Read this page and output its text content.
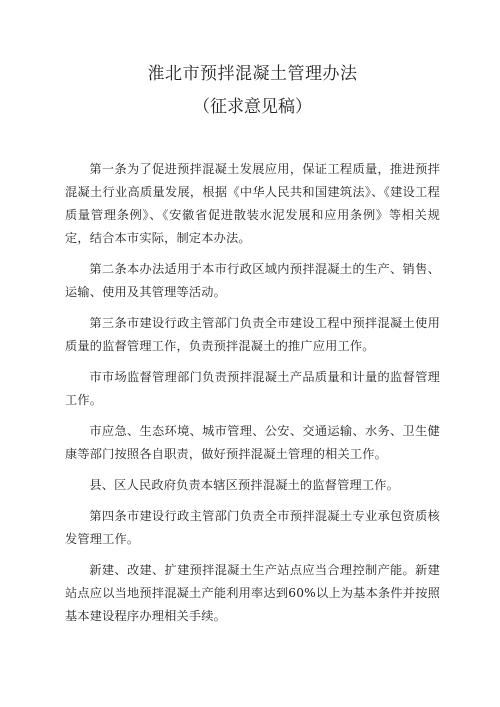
淮北市预拌混凝土管理办法
（征求意见稿）

第一条为了促进预拌混凝土发展应用，保证工程质量，推进预拌混凝土行业高质量发展，根据《中华人民共和国建筑法》、《建设工程质量管理条例》、《安徽省促进散装水泥发展和应用条例》等相关规定，结合本市实际，制定本办法。

第二条本办法适用于本市行政区域内预拌混凝土的生产、销售、运输、使用及其管理等活动。

第三条市建设行政主管部门负责全市建设工程中预拌混凝土使用质量的监督管理工作，负责预拌混凝土的推广应用工作。

市市场监督管理部门负责预拌混凝土产品质量和计量的监督管理工作。

市应急、生态环境、城市管理、公安、交通运输、水务、卫生健康等部门按照各自职责，做好预拌混凝土管理的相关工作。

县、区人民政府负责本辖区预拌混凝土的监督管理工作。

第四条市建设行政主管部门负责全市预拌混凝土专业承包资质核发管理工作。

新建、改建、扩建预拌混凝土生产站点应当合理控制产能。新建站点应以当地预拌混凝土产能利用率达到60%以上为基本条件并按照基本建设程序办理相关手续。
